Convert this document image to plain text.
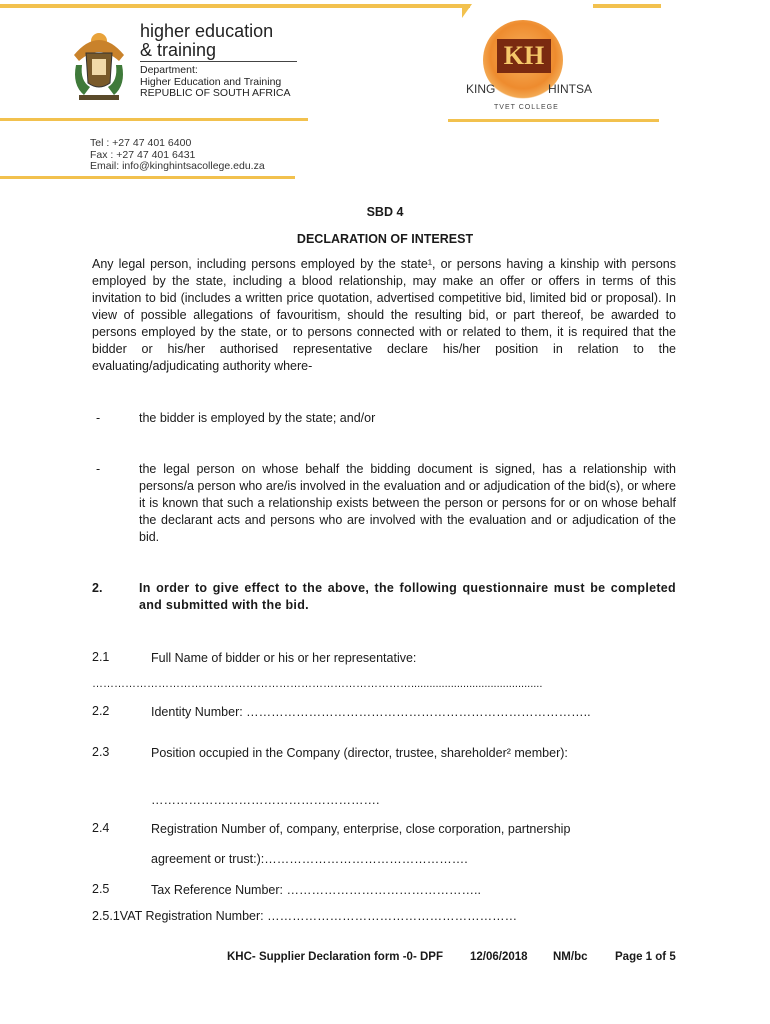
higher education
& training
Department:
Higher Education and Training
REPUBLIC OF SOUTH AFRICA
KH
KING	HINTSA
TVET COLLEGE
Tel : +27 47 401 6400
Fax : +27 47 401 6431
Email: info@kinghintsacollege.edu.za
SBD 4
DECLARATION OF INTEREST
Any legal person, including persons employed by the state¹, or persons having a kinship with persons employed by the state, including a blood relationship, may make an offer or offers in terms of this invitation to bid (includes a written price quotation, advertised competitive bid, limited bid or proposal). In view of possible allegations of favouritism, should the resulting bid, or part thereof, be awarded to persons employed by the state, or to persons connected with or related to them, it is required that the bidder or his/her authorised representative declare his/her position in relation to the evaluating/adjudicating authority where-
-	the bidder is employed by the state; and/or
-	the legal person on whose behalf the bidding document is signed, has a relationship with persons/a person who are/is involved in the evaluation and or adjudication of the bid(s), or where it is known that such a relationship exists between the person or persons for or on whose behalf the declarant acts and persons who are involved with the evaluation and or adjudication of the bid.
2.	In order to give effect to the above, the following questionnaire must be completed and submitted with the bid.
2.1	Full Name of bidder or his or her representative:
……………………………………………………………………………...........................................
2.2	Identity Number: ………………………………………………………………………..
2.3	Position occupied in the Company (director, trustee, shareholder² member):
……………………………………………….
2.4	Registration Number of, company, enterprise, close corporation, partnership
agreement or trust:):………………………………………….
2.5	Tax Reference Number: ………………………………………..
2.5.1VAT Registration Number: ……………………………………………………
KHC- Supplier Declaration form -0- DPF 12/06/2018 NM/bc Page 1 of 5
